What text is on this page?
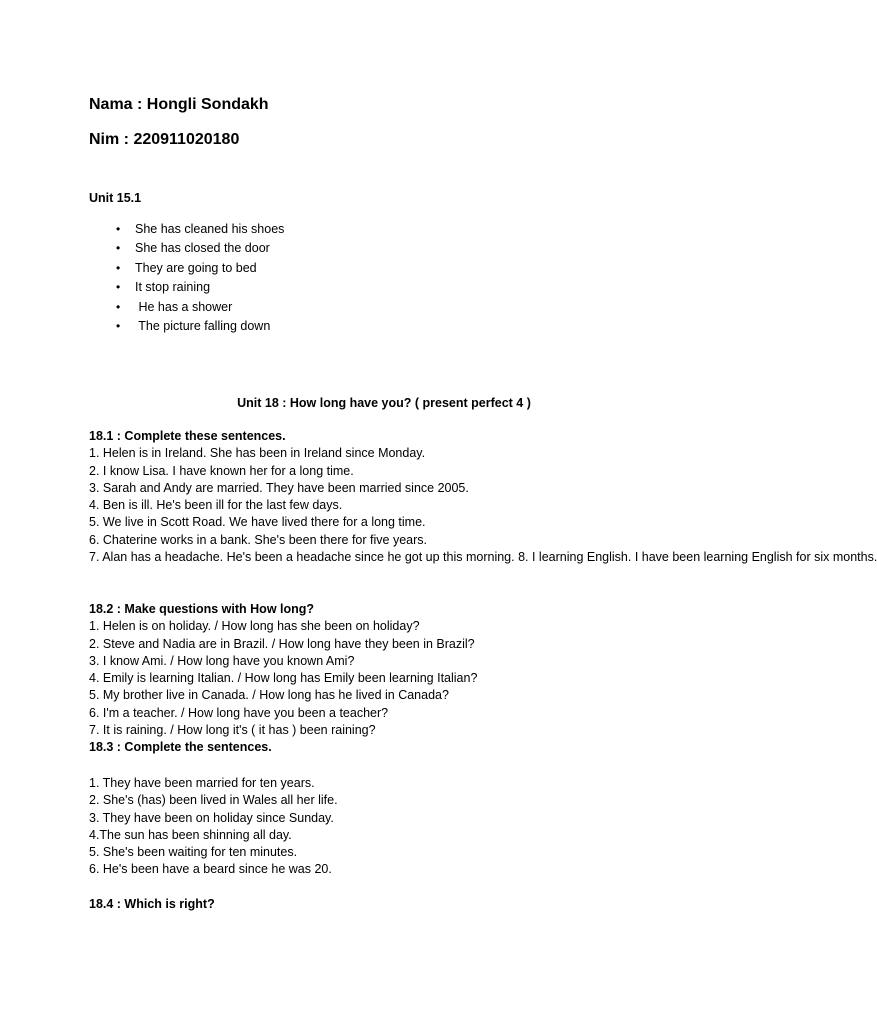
Nama : Hongli Sondakh
Nim : 220911020180
Unit 15.1
• She has cleaned his shoes
• She has closed the door
• They are going to bed
• It stop raining
• He has a shower
• The picture falling down
Unit 18 : How long have you? ( present perfect 4 )
18.1 : Complete these sentences.
1. Helen is in Ireland. She has been in Ireland since Monday.
2. I know Lisa. I have known her for a long time.
3. Sarah and Andy are married. They have been married since 2005.
4. Ben is ill. He's been ill for the last few days.
5. We live in Scott Road. We have lived there for a long time.
6. Chaterine works in a bank. She's been there for five years.
7. Alan has a headache. He's been a headache since he got up this morning. 8. I learning English. I have been learning English for six months.
18.2 : Make questions with How long?
1. Helen is on holiday. / How long has she been on holiday?
2. Steve and Nadia are in Brazil. / How long have they been in Brazil?
3. I know Ami. / How long have you known Ami?
4. Emily is learning Italian. / How long has Emily been learning Italian?
5. My brother live in Canada. / How long has he lived in Canada?
6. I'm a teacher. / How long have you been a teacher?
7. It is raining. / How long it's ( it has ) been raining?
18.3 : Complete the sentences.
1. They have been married for ten years.
2. She's (has) been lived in Wales all her life.
3. They have been on holiday since Sunday.
4.The sun has been shinning all day.
5. She's been waiting for ten minutes.
6. He's been have a beard since he was 20.
18.4 : Which is right?
